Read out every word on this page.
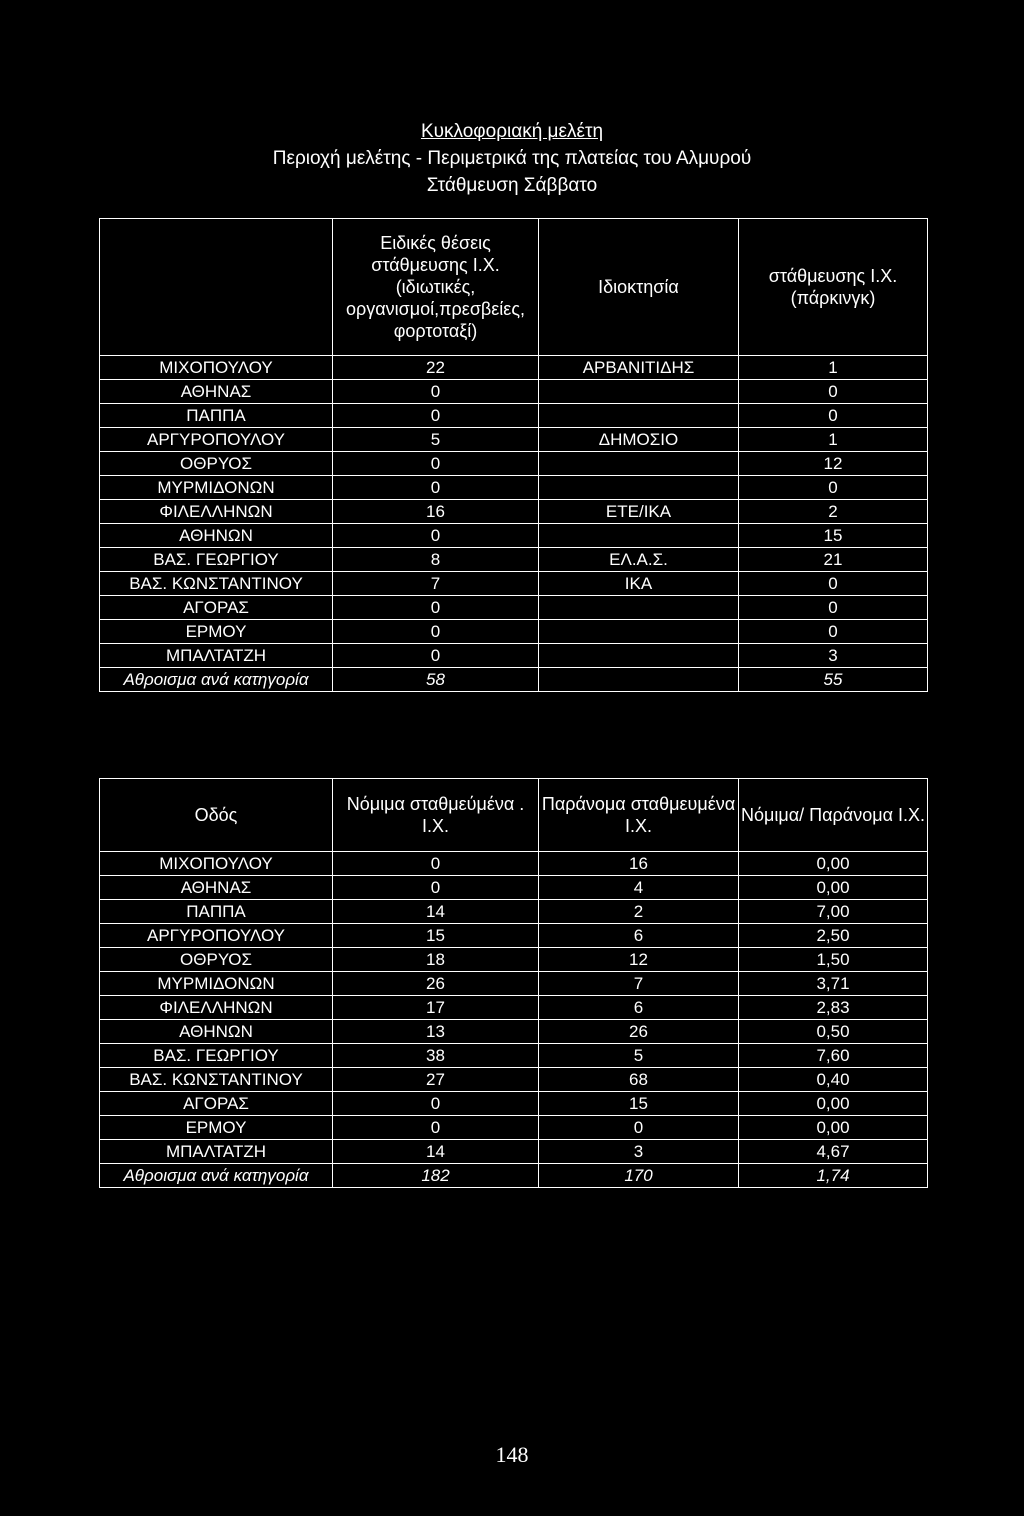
Κυκλοφοριακή μελέτη
Περιοχή μελέτης - Περιμετρικά της πλατείας του Αλμυρού
Στάθμευση Σάββατο
	Ειδικές θέσεις στάθμευσης Ι.Χ. (ιδιωτικές, οργανισμοί,πρεσβείες, φορτοταξί)	Ιδιοκτησία	στάθμευσης Ι.Χ. (πάρκινγκ)
ΜΙΧΟΠΟΥΛΟΥ	22	ΑΡΒΑΝΙΤΙΔΗΣ	1
ΑΘΗΝΑΣ	0		0
ΠΑΠΠΑ	0		0
ΑΡΓΥΡΟΠΟΥΛΟΥ	5	ΔΗΜΟΣΙΟ	1
ΟΘΡΥΟΣ	0		12
ΜΥΡΜΙΔΟΝΩΝ	0		0
ΦΙΛΕΛΛΗΝΩΝ	16	ΕΤΕ/ΙΚΑ	2
ΑΘΗΝΩΝ	0		15
ΒΑΣ. ΓΕΩΡΓΙΟΥ	8	ΕΛ.Α.Σ.	21
ΒΑΣ. ΚΩΝΣΤΑΝΤΙΝΟΥ	7	ΙΚΑ	0
ΑΓΟΡΑΣ	0		0
ΕΡΜΟΥ	0		0
ΜΠΑΛΤΑΤΖΗ	0		3
Αθροισμα ανά κατηγορία	58		55
Οδός	Νόμιμα σταθμεύμένα . Ι.Χ.	Παράνομα σταθμευμένα Ι.Χ.	Νόμιμα/ Παράνομα Ι.Χ.
ΜΙΧΟΠΟΥΛΟΥ	0	16	0,00
ΑΘΗΝΑΣ	0	4	0,00
ΠΑΠΠΑ	14	2	7,00
ΑΡΓΥΡΟΠΟΥΛΟΥ	15	6	2,50
ΟΘΡΥΟΣ	18	12	1,50
ΜΥΡΜΙΔΟΝΩΝ	26	7	3,71
ΦΙΛΕΛΛΗΝΩΝ	17	6	2,83
ΑΘΗΝΩΝ	13	26	0,50
ΒΑΣ. ΓΕΩΡΓΙΟΥ	38	5	7,60
ΒΑΣ. ΚΩΝΣΤΑΝΤΙΝΟΥ	27	68	0,40
ΑΓΟΡΑΣ	0	15	0,00
ΕΡΜΟΥ	0	0	0,00
ΜΠΑΛΤΑΤΖΗ	14	3	4,67
Αθροισμα ανά κατηγορία	182	170	1,74
148
